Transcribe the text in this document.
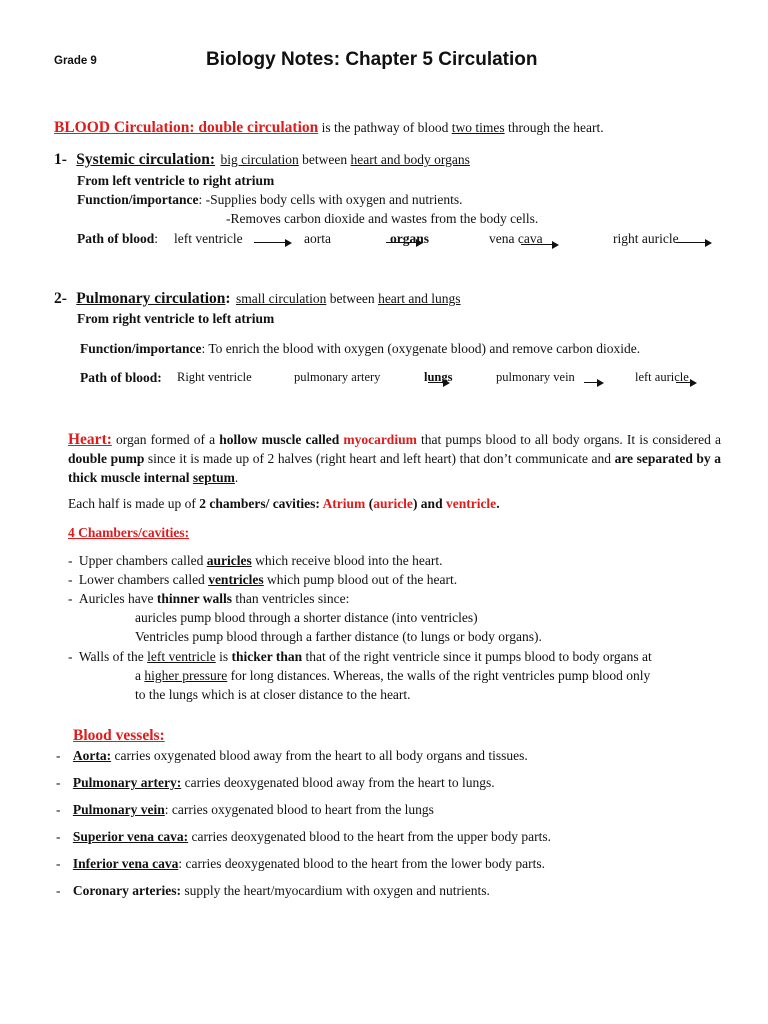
Grade 9	Biology Notes: Chapter 5 Circulation
BLOOD Circulation: double circulation is the pathway of blood two times through the heart.
1- Systemic circulation: big circulation between heart and body organs
From left ventricle to right atrium
Function/importance: -Supplies body cells with oxygen and nutrients.
-Removes carbon dioxide and wastes from the body cells.
Path of blood: left ventricle
	aorta
	organs
	vena cava
	right auricle
2- Pulmonary circulation: small circulation between heart and lungs
From right ventricle to left atrium
Function/importance: To enrich the blood with oxygen (oxygenate blood) and remove carbon dioxide.
Path of blood: Right ventricle
	pulmonary artery
	lungs
	pulmonary vein	left auricle
Heart: organ formed of a hollow muscle called myocardium that pumps blood to all body organs. It is considered a double pump since it is made up of 2 halves (right heart and left heart) that don’t communicate and are separated by a thick muscle internal septum.
Each half is made up of 2 chambers/ cavities: Atrium (auricle) and ventricle.
4 Chambers/cavities:
- Upper chambers called auricles which receive blood into the heart.
- Lower chambers called ventricles which pump blood out of the heart.
- Auricles have thinner walls than ventricles since:
auricles pump blood through a shorter distance (into ventricles)
Ventricles pump blood through a farther distance (to lungs or body organs).
- Walls of the left ventricle is thicker than that of the right ventricle since it pumps blood to body organs at
a higher pressure for long distances. Whereas, the walls of the right ventricles pump blood only
to the lungs which is at closer distance to the heart.
Blood vessels:
- Aorta: carries oxygenated blood away from the heart to all body organs and tissues.
- Pulmonary artery: carries deoxygenated blood away from the heart to lungs.
- Pulmonary vein: carries oxygenated blood to heart from the lungs
- Superior vena cava: carries deoxygenated blood to the heart from the upper body parts.
- Inferior vena cava: carries deoxygenated blood to the heart from the lower body parts.
- Coronary arteries: supply the heart/myocardium with oxygen and nutrients.
